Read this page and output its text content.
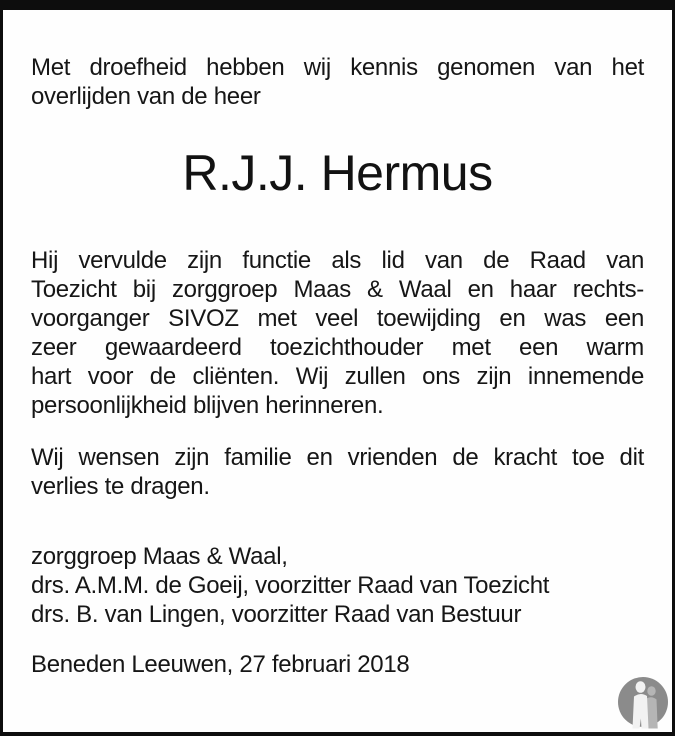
Met droefheid hebben wij kennis genomen van het
overlijden van de heer

R.J.J. Hermus

Hij vervulde zijn functie als lid van de Raad van
Toezicht bij zorggroep Maas & Waal en haar rechts-
voorganger SIVOZ met veel toewijding en was een
zeer gewaardeerd toezichthouder met een warm
hart voor de cliënten. Wij zullen ons zijn innemende
persoonlijkheid blijven herinneren.

Wij wensen zijn familie en vrienden de kracht toe dit
verlies te dragen.

zorggroep Maas & Waal,
drs. A.M.M. de Goeij, voorzitter Raad van Toezicht
drs. B. van Lingen, voorzitter Raad van Bestuur

Beneden Leeuwen, 27 februari 2018
